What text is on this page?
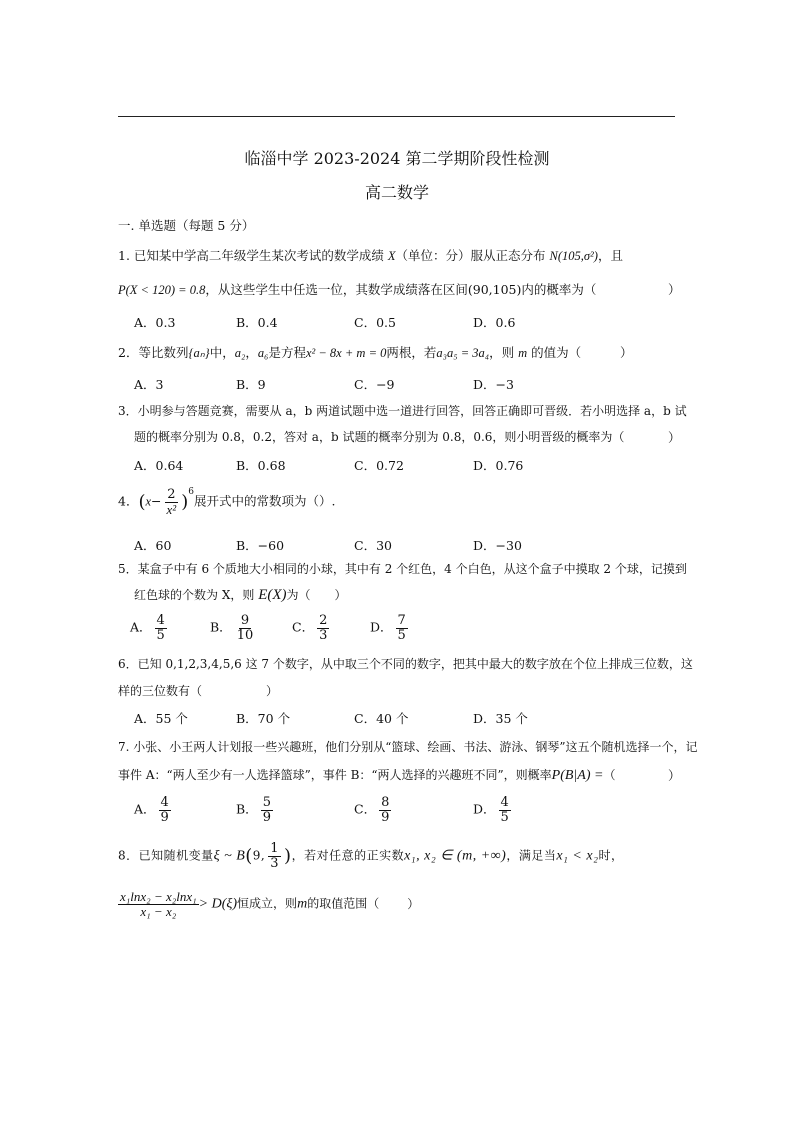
临淄中学 2023-2024 第二学期阶段性检测
高二数学
一. 单选题（每题 5 分）
1. 已知某中学高二年级学生某次考试的数学成绩 X（单位：分）服从正态分布 N(105,σ²)，且
P(X < 120) = 0.8，从这些学生中任选一位，其数学成绩落在区间(90,105)内的概率为（	）
A．0.3	B．0.4	C．0.5	D．0.6
2．等比数列{aₙ}中，a₂，a₆是方程x² − 8x + m = 0两根，若a₃a₅ = 3a₄，则 m 的值为（	）
A．3	B．9	C．−9	D．−3
3．小明参与答题竞赛，需要从 a，b 两道试题中选一道进行回答，回答正确即可晋级．若小明选择 a，b 试
题的概率分别为 0.8，0.2，答对 a，b 试题的概率分别为 0.8，0.6，则小明晋级的概率为（	）
A．0.64	B．0.68	C．0.72	D．0.76
4．$(x- \frac{2}{\text{x²}} )^6$展开式中的常数项为（）.
A．60	B．−60	C．30	D．−30
5．某盒子中有 6 个质地大小相同的小球，其中有 2 个红色，4 个白色，从这个盒子中摸取 2 个球，记摸到
红色球的个数为 X，则 E(X)为（ ）
A． $\frac{4}{5}$	B． $\frac{9}{10}$	C． $\frac{2}{3}$	D． $\frac{7}{5}$
6．已知 0,1,2,3,4,5,6 这 7 个数字，从中取三个不同的数字，把其中最大的数字放在个位上排成三位数，这
样的三位数有（	）
A．55 个	B．70 个	C．40 个	D．35 个
7. 小张、小王两人计划报一些兴趣班，他们分别从“篮球、绘画、书法、游泳、钢琴”这五个随机选择一个，记
事件 A：“两人至少有一人选择篮球”，事件 B：“两人选择的兴趣班不同”，则概率P(B|A) =（	）
A． $\frac{4}{9}$	B． $\frac{5}{9}$	C． $\frac{8}{9}$	D． $\frac{4}{5}$
8．已知随机变量ξ ~ B(9, $\frac{1}{3}$ )，若对任意的正实数x₁, x₂ ∈ (m, +∞)，满足当x₁ < x₂时，
$\frac{\text{x₁lnx₂ − x₂lnx₁}}{\text{x₁ − x₂}} > D(\xi)$恒成立，则m的取值范围（ ）
